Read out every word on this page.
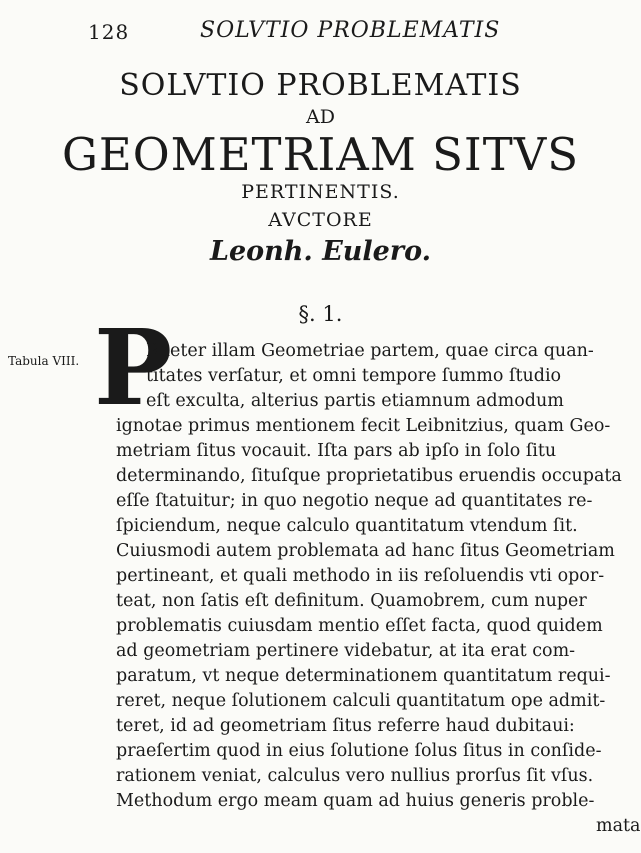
128	SOLVTIO PROBLEMATIS
SOLVTIO PROBLEMATIS
AD
GEOMETRIAM SITVS
PERTINENTIS.
AVCTORE
Leonh. Eulero.
§. 1.
Tabula VIII. P
Raeter illam Geometriae partem, quae circa quan-
titates verſatur, et omni tempore ſummo ſtudio
eſt exculta, alterius partis etiamnum admodum
ignotae primus mentionem fecit Leibnitzius, quam Geo-
metriam ſitus vocauit. Iſta pars ab ipſo in ſolo ſitu
determinando, ſituſque proprietatibus eruendis occupata
eſſe ſtatuitur; in quo negotio neque ad quantitates re-
ſpiciendum, neque calculo quantitatum vtendum ſit.
Cuiusmodi autem problemata ad hanc ſitus Geometriam
pertineant, et quali methodo in iis reſoluendis vti opor-
teat, non ſatis eſt definitum. Quamobrem, cum nuper
problematis cuiusdam mentio eſſet facta, quod quidem
ad geometriam pertinere videbatur, at ita erat com-
paratum, vt neque determinationem quantitatum requi-
reret, neque ſolutionem calculi quantitatum ope admit-
teret, id ad geometriam ſitus referre haud dubitaui:
praeſertim quod in eius ſolutione ſolus ſitus in conſide-
rationem veniat, calculus vero nullius prorſus ſit vſus.
Methodum ergo meam quam ad huius generis proble-
mata
